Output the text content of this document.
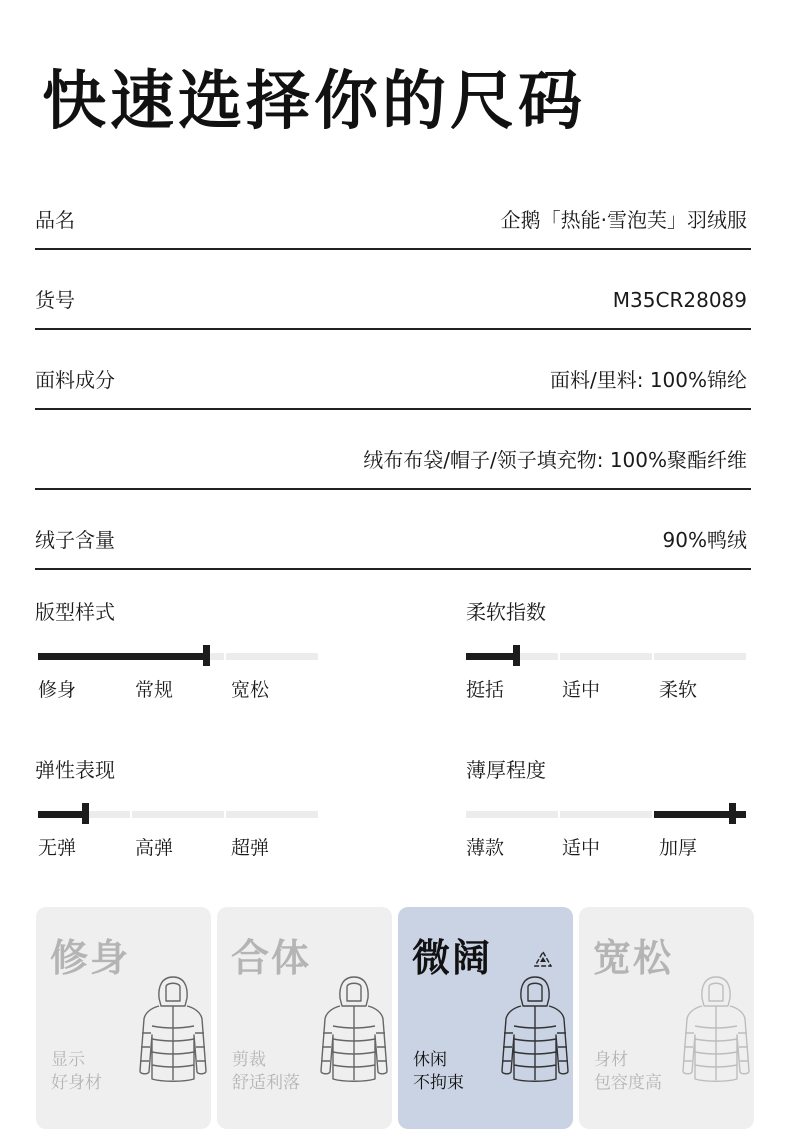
快速选择你的尺码
品名	企鹅「热能·雪泡芙」羽绒服
货号	M35CR28089
面料成分	面料/里料: 100%锦纶
绒布布袋/帽子/领子填充物: 100%聚酯纤维
绒子含量	90%鸭绒
版型样式
修身	常规	宽松
柔软指数
挺括	适中	柔软
弹性表现
无弹	高弹	超弹
薄厚程度
薄款	适中	加厚
修身
显示
好身材
合体
剪裁
舒适利落
微阔
休闲
不拘束
宽松
身材
包容度高
